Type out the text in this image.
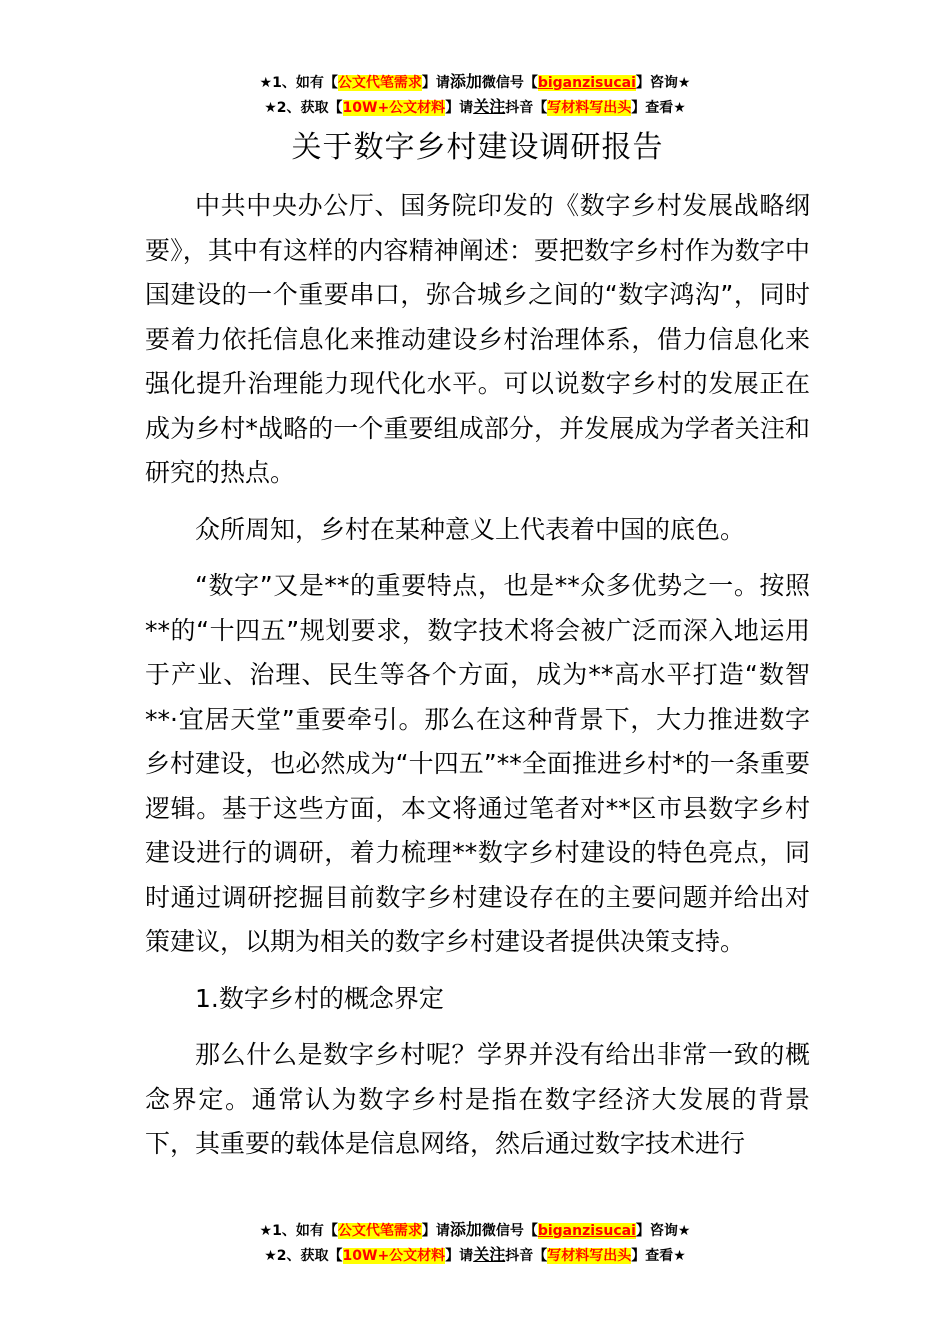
★1、如有【公文代笔需求】请添加微信号【biganzisucai】咨询★
★2、获取【10W+公文材料】请关注抖音【写材料写出头】查看★
关于数字乡村建设调研报告

中共中央办公厅、国务院印发的《数字乡村发展战略纲要》，其中有这样的内容精神阐述：要把数字乡村作为数字中国建设的一个重要串口，弥合城乡之间的“数字鸿沟”，同时要着力依托信息化来推动建设乡村治理体系，借力信息化来强化提升治理能力现代化水平。可以说数字乡村的发展正在成为乡村*战略的一个重要组成部分，并发展成为学者关注和研究的热点。

众所周知，乡村在某种意义上代表着中国的底色。

“数字”又是**的重要特点，也是**众多优势之一。按照**的“十四五”规划要求，数字技术将会被广泛而深入地运用于产业、治理、民生等各个方面，成为**高水平打造“数智**·宜居天堂”重要牵引。那么在这种背景下，大力推进数字乡村建设，也必然成为“十四五”**全面推进乡村*的一条重要逻辑。基于这些方面，本文将通过笔者对**区市县数字乡村建设进行的调研，着力梳理**数字乡村建设的特色亮点，同时通过调研挖掘目前数字乡村建设存在的主要问题并给出对策建议，以期为相关的数字乡村建设者提供决策支持。

1.数字乡村的概念界定

那么什么是数字乡村呢？学界并没有给出非常一致的概念界定。通常认为数字乡村是指在数字经济大发展的背景下，其重要的载体是信息网络，然后通过数字技术进行

★1、如有【公文代笔需求】请添加微信号【biganzisucai】咨询★
★2、获取【10W+公文材料】请关注抖音【写材料写出头】查看★
